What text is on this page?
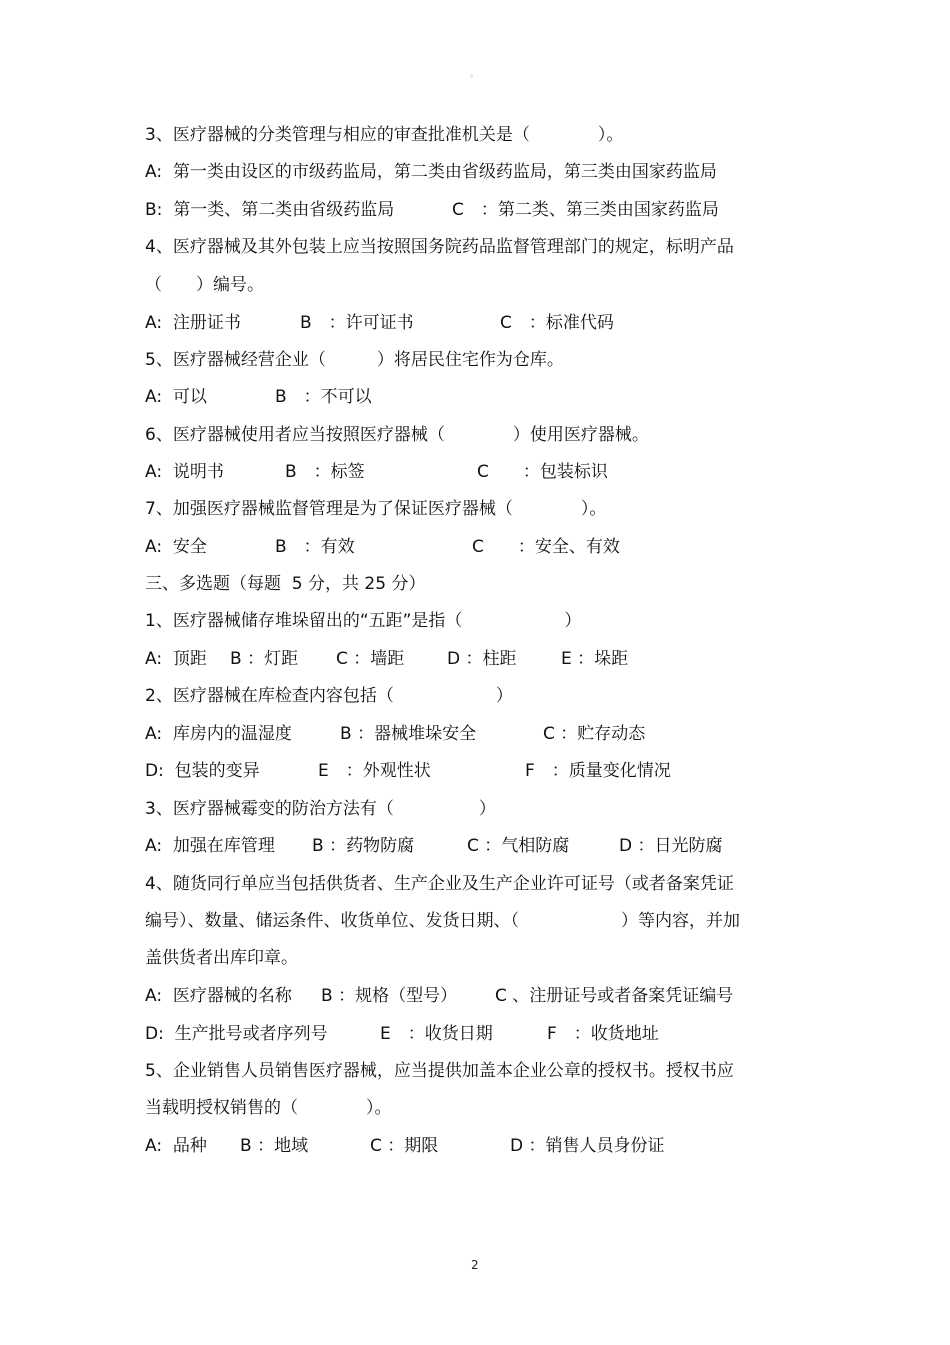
。
3、医疗器械的分类管理与相应的审查批准机关是（　　　　）。
A:  第一类由设区的市级药监局，第二类由省级药监局，第三类由国家药监局

B:  第一类、第二类由省级药监局

	C　：第二类、第三类由国家药监局

4、医疗器械及其外包装上应当按照国务院药品监督管理部门的规定，标明产品
（　　）编号。

A:  注册证书

	B　：许可证书

	C　：标准代码

5、医疗器械经营企业（　　　）将居民住宅作为仓库。

A:  可以

	B　：不可以

6、医疗器械使用者应当按照医疗器械（　　　　）使用医疗器械。

A:  说明书

	B　：标签

	C　　：包装标识

7、加强医疗器械监督管理是为了保证医疗器械（　　　　）。

A:  安全

	B　：有效

	C　　：安全、有效

三、多选题（每题  5 分，共 25 分）
1、医疗器械储存堆垛留出的“五距”是指（　　　　　　）

A:  顶距

B ：灯距

C ：墙距

	D ：柱距

	E ：垛距

2、医疗器械在库检查内容包括（　　　　　　）

A:  库房内的温湿度

	B ：器械堆垛安全

	C ：贮存动态

D:  包装的变异

	E　：外观性状

	F　：质量变化情况

3、医疗器械霉变的防治方法有（　　　　　）

A:  加强在库管理

B ：药物防腐

	C ：气相防腐

	D ：日光防腐

4、随货同行单应当包括供货者、生产企业及生产企业许可证号（或者备案凭证
编号）、数量、储运条件、收货单位、发货日期、（　　　　　　）等内容，并加
盖供货者出库印章。

A:  医疗器械的名称

B ：规格（型号）

C 、注册证号或者备案凭证编号

D:  生产批号或者序列号

	E　：收货日期

	F　：收货地址

5、企业销售人员销售医疗器械，应当提供加盖本企业公章的授权书。授权书应
当载明授权销售的（　　　　）。

A:  品种

B ：地域

	C ：期限

	D ：销售人员身份证

2
